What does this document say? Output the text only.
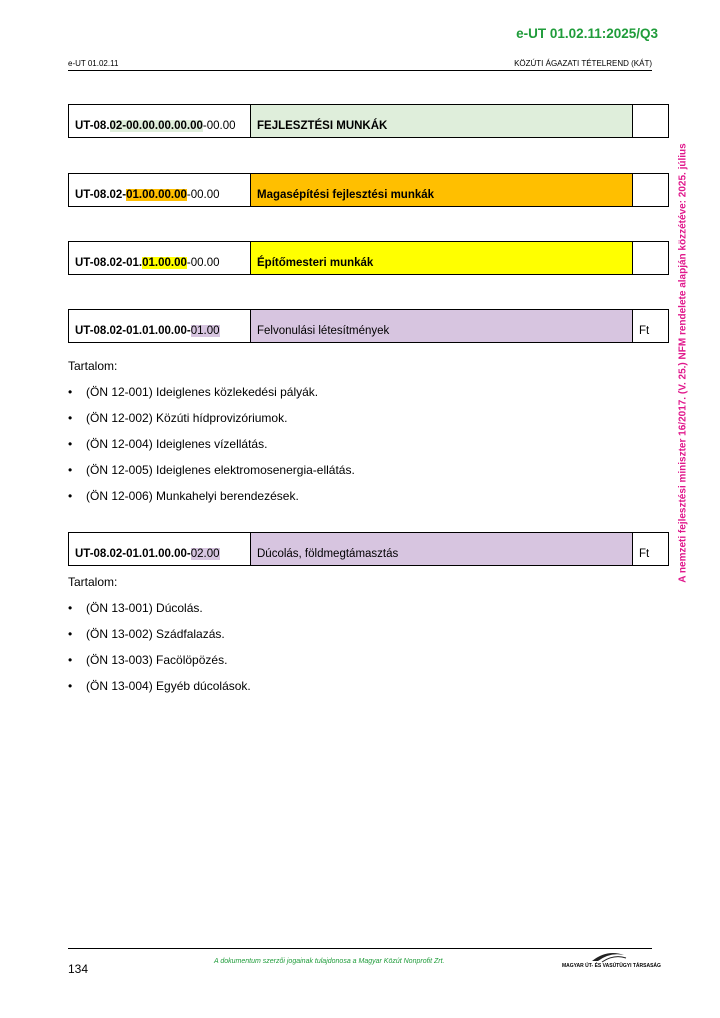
e-UT 01.02.11:2025/Q3
e-UT 01.02.11	KÖZÚTI ÁGAZATI TÉTELREND (KÁT)
A nemzeti fejlesztési miniszter 16/2017. (V. 25.) NFM rendelete alapján közzétéve: 2025. július
UT-08. 02-00.00.00.00.00 -00.00	FEJLESZTÉSI MUNKÁK
UT-08.02- 01.00.00.00 -00.00	Magasépítési fejlesztési munkák
UT-08.02-01. 01.00.00 -00.00	Építőmesteri munkák
UT-08.02-01.01.00.00- 01.00	Felvonulási létesítmények	Ft
Tartalom:
•	(ÖN 12-001) Ideiglenes közlekedési pályák.
•	(ÖN 12-002) Közúti hídprovizóriumok.
•	(ÖN 12-004) Ideiglenes vízellátás.
•	(ÖN 12-005) Ideiglenes elektromosenergia-ellátás.
•	(ÖN 12-006) Munkahelyi berendezések.
UT-08.02-01.01.00.00- 02.00	Dúcolás, földmegtámasztás	Ft
Tartalom:
•	(ÖN 13-001) Dúcolás.
•	(ÖN 13-002) Szádfalazás.
•	(ÖN 13-003) Facölöpözés.
•	(ÖN 13-004) Egyéb dúcolások.
134
A dokumentum szerzői jogainak tulajdonosa a Magyar Közút Nonprofit Zrt.
MAGYAR ÚT- ÉS VASÚTÜGYI TÁRSASÁG
